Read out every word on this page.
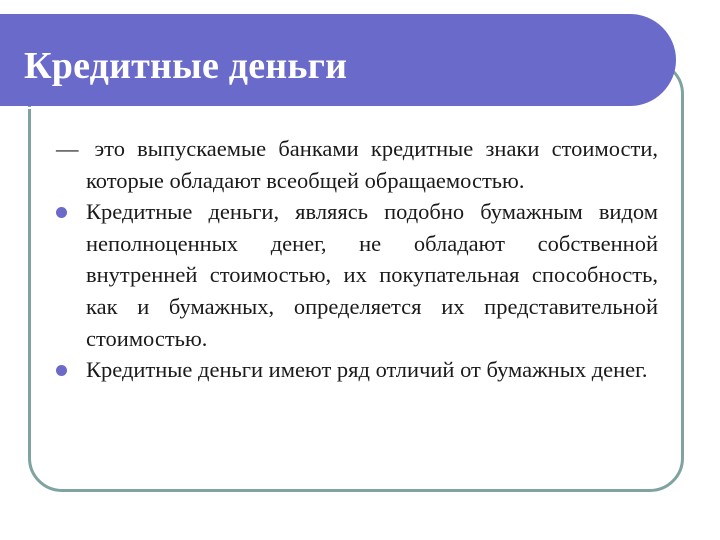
Кредитные деньги

— это выпускаемые банками кредитные знаки стоимости, которые обладают всеобщей обращаемостью.

Кредитные деньги, являясь подобно бумажным видом неполноценных денег, не обладают собственной внутренней стоимостью, их покупательная способность, как и бумажных, определяется их представительной стоимостью.

Кредитные деньги имеют ряд отличий от бумажных денег.
